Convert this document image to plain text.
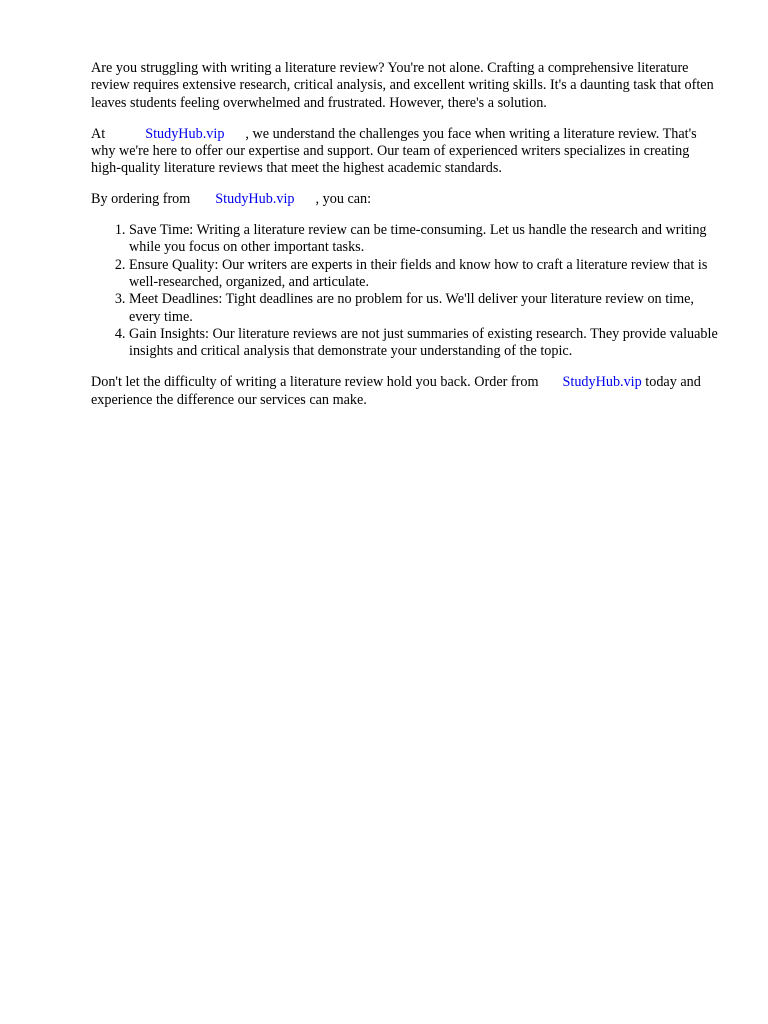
Are you struggling with writing a literature review? You're not alone. Crafting a comprehensive literature review requires extensive research, critical analysis, and excellent writing skills. It's a daunting task that often leaves students feeling overwhelmed and frustrated. However, there's a solution.

At	StudyHub.vip , we understand the challenges you face when writing a literature review. That's why we're here to offer our expertise and support. Our team of experienced writers specializes in creating high-quality literature reviews that meet the highest academic standards.

By ordering from StudyHub.vip , you can:

1. Save Time: Writing a literature review can be time-consuming. Let us handle the research and writing while you focus on other important tasks.
2. Ensure Quality: Our writers are experts in their fields and know how to craft a literature review that is well-researched, organized, and articulate.
3. Meet Deadlines: Tight deadlines are no problem for us. We'll deliver your literature review on time, every time.
4. Gain Insights: Our literature reviews are not just summaries of existing research. They provide valuable insights and critical analysis that demonstrate your understanding of the topic.

Don't let the difficulty of writing a literature review hold you back. Order from StudyHub.vip today and experience the difference our services can make.
